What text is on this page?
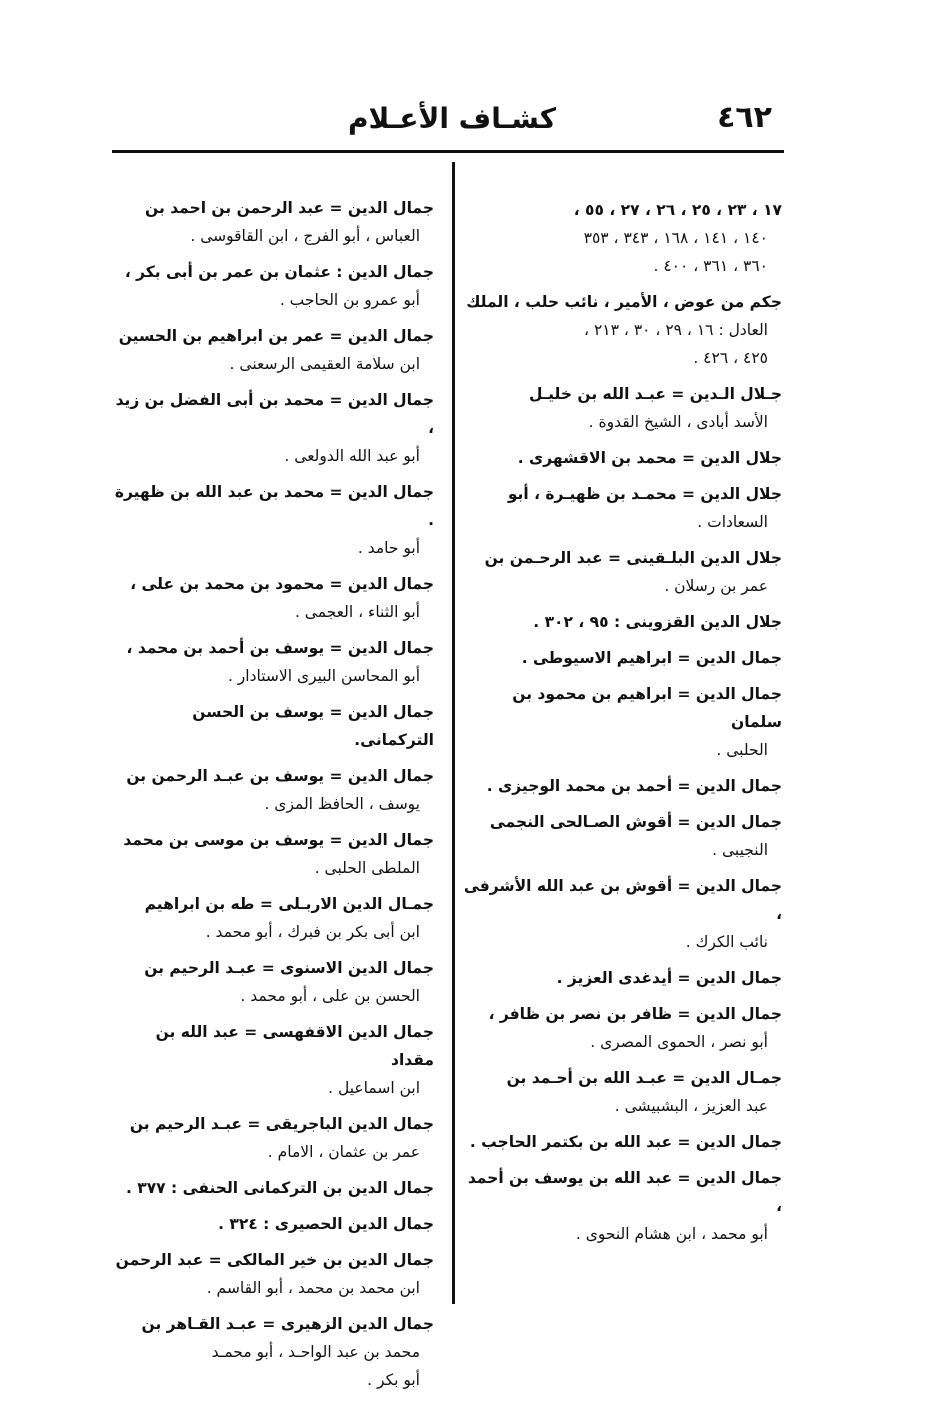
٤٦٢
كشـاف الأعـلام
١٧ ، ٢٣ ، ٢٥ ، ٢٦ ، ٢٧ ، ٥٥ ،
١٤٠ ، ١٤١ ، ١٦٨ ، ٣٤٣ ، ٣٥٣
٣٦٠ ، ٣٦١ ، ٤٠٠ .
جكم من عوض ، الأمير ، نائب حلب ، الملك
العادل : ١٦ ، ٢٩ ، ٣٠ ، ٢١٣ ،
٤٢٥ ، ٤٢٦ .
جـلال الـدين = عبـد الله بن خليـل
الأسد أبادى ، الشيخ القدوة .
جلال الدين = محمد بن الاقشهرى .
جلال الدين = محمـد بن ظهيـرة ، أبو
السعادات .
جلال الدين البلـقينى = عبد الرحـمن بن
عمر بن رسلان .
جلال الدين القزوينى : ٩٥ ، ٣٠٢ .
جمال الدين = ابراهيم الاسيوطى .
جمال الدين = ابراهيم بن محمود بن سلمان
الحلبى .
جمال الدين = أحمد بن محمد الوجيزى .
جمال الدين = أقوش الصـالحى النجمى
النجيبى .
جمال الدين = أقوش بن عبد الله الأشرفى ،
نائب الكرك .
جمال الدين = أيدغدى العزيز .
جمال الدين = ظافر بن نصر بن ظافر ،
أبو نصر ، الحموى المصرى .
جمـال الدين = عبـد الله بن أحـمد بن
عبد العزيز ، البشبيشى .
جمال الدين = عبد الله بن بكتمر الحاجب .
جمال الدين = عبد الله بن يوسف بن أحمد ،
أبو محمد ، ابن هشام النحوى .
جمال الدين = عبد الرحمن بن احمد بن
العباس ، أبو الفرج ، ابن القاقوسى .
جمال الدين : عثمان بن عمر بن أبى بكر ،
أبو عمرو بن الحاجب .
جمال الدين = عمر بن ابراهيم بن الحسين
ابن سلامة العقيمى الرسعنى .
جمال الدين = محمد بن أبى الفضل بن زيد ،
أبو عبد الله الدولعى .
جمال الدين = محمد بن عبد الله بن ظهيرة .
أبو حامد .
جمال الدين = محمود بن محمد بن على ،
أبو الثناء ، العجمى .
جمال الدين = يوسف بن أحمد بن محمد ،
أبو المحاسن البيرى الاستادار .
جمال الدين = يوسف بن الحسن التركمانى.
جمال الدين = يوسف بن عبـد الرحمن بن
يوسف ، الحافظ المزى .
جمال الدين = يوسف بن موسى بن محمد
الملطى الحلبى .
جمـال الدين الاربـلى = طه بن ابراهيم
ابن أبى بكر بن فبرك ، أبو محمد .
جمال الدين الاسنوى = عبـد الرحيم بن
الحسن بن على ، أبو محمد .
جمال الدين الاقفهسى = عبد الله بن مقداد
ابن اسماعيل .
جمال الدين الباجريقى = عبـد الرحيم بن
عمر بن عثمان ، الامام .
جمال الدين بن التركمانى الحنفى : ٣٧٧ .
جمال الدين الحصيرى : ٣٢٤ .
جمال الدين بن خير المالكى = عبد الرحمن
ابن محمد بن محمد ، أبو القاسم .
جمال الدين الزهيرى = عبـد القـاهر بن
محمد بن عبد الواحـد ، أبو محمـد
أبو بكر .
